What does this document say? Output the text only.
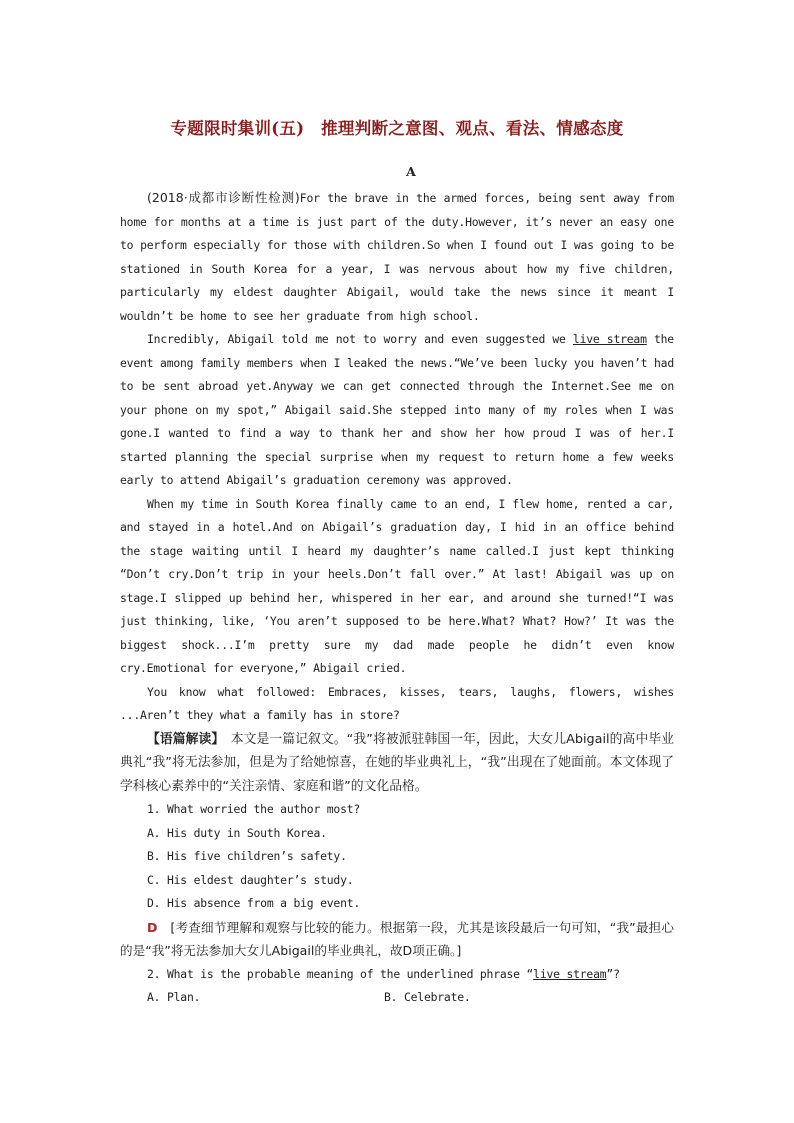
专题限时集训(五)　推理判断之意图、观点、看法、情感态度
A

(2018·成都市诊断性检测)For the brave in the armed forces, being sent away from home for months at a time is just part of the duty.However, it’s never an easy one to perform especially for those with children.So when I found out I was going to be stationed in South Korea for a year, I was nervous about how my five children, particularly my eldest daughter Abigail, would take the news since it meant I wouldn’t be home to see her graduate from high school.

Incredibly, Abigail told me not to worry and even suggested we live stream the event among family members when I leaked the news.“We’ve been lucky you haven’t had to be sent abroad yet.Anyway we can get connected through the Internet.See me on your phone on my spot,” Abigail said.She stepped into many of my roles when I was gone.I wanted to find a way to thank her and show her how proud I was of her.I started planning the special surprise when my request to return home a few weeks early to attend Abigail’s graduation ceremony was approved.

When my time in South Korea finally came to an end, I flew home, rented a car, and stayed in a hotel.And on Abigail’s graduation day, I hid in an office behind the stage waiting until I heard my daughter’s name called.I just kept thinking “Don’t cry.Don’t trip in your heels.Don’t fall over.” At last! Abigail was up on stage.I slipped up behind her, whispered in her ear, and around she turned!“I was just thinking, like, ‘You aren’t supposed to be here.What? What? How?’ It was the biggest shock...I’m pretty sure my dad made people he didn’t even know cry.Emotional for everyone,” Abigail cried.

You know what followed: Embraces, kisses, tears, laughs, flowers, wishes ...Aren’t they what a family has in store?

【语篇解读】　本文是一篇记叙文。“我”将被派驻韩国一年，因此，大女儿Abigail的高中毕业典礼“我”将无法参加，但是为了给她惊喜，在她的毕业典礼上，“我”出现在了她面前。本文体现了学科核心素养中的“关注亲情、家庭和谐”的文化品格。

1. What worried the author most?

A. His duty in South Korea.

B. His five children’s safety.

C. His eldest daughter’s study.

D. His absence from a big event.

D　 [考查细节理解和观察与比较的能力。根据第一段，尤其是该段最后一句可知，“我”最担心的是“我”将无法参加大女儿Abigail的毕业典礼，故D项正确。]

2. What is the probable meaning of the underlined phrase “live stream”?

A. Plan.	B. Celebrate.
